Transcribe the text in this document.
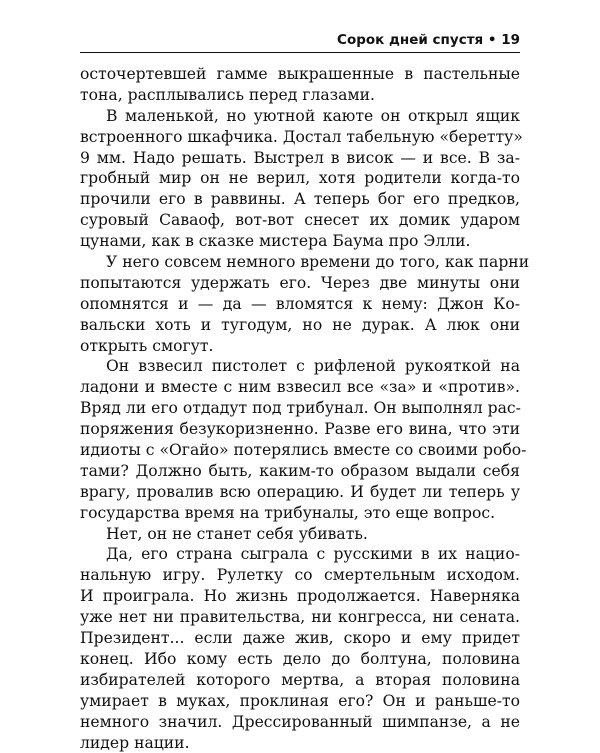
Сорок дней спустя • 19
осточертевшей гамме выкрашенные в пастельные
тона, расплывались перед глазами.
В маленькой, но уютной каюте он открыл ящик
встроенного шкафчика. Достал табельную «беретту»
9 мм. Надо решать. Выстрел в висок — и все. В за-
гробный мир он не верил, хотя родители когда-то
прочили его в раввины. А теперь бог его предков,
суровый Саваоф, вот-вот снесет их домик ударом
цунами, как в сказке мистера Баума про Элли.
У него совсем немного времени до того, как парни
попытаются удержать его. Через две минуты они
опомнятся и — да — вломятся к нему: Джон Ко-
вальски хоть и тугодум, но не дурак. А люк они
открыть смогут.
Он взвесил пистолет с рифленой рукояткой на
ладони и вместе с ним взвесил все «за» и «против».
Вряд ли его отдадут под трибунал. Он выполнял рас-
поряжения безукоризненно. Разве его вина, что эти
идиоты с «Огайо» потерялись вместе со своими робо-
тами? Должно быть, каким-то образом выдали себя
врагу, провалив всю операцию. И будет ли теперь у
государства время на трибуналы, это еще вопрос.
Нет, он не станет себя убивать.
Да, его страна сыграла с русскими в их нацио-
нальную игру. Рулетку со смертельным исходом.
И проиграла. Но жизнь продолжается. Наверняка
уже нет ни правительства, ни конгресса, ни сената.
Президент... если даже жив, скоро и ему придет
конец. Ибо кому есть дело до болтуна, половина
избирателей которого мертва, а вторая половина
умирает в муках, проклиная его? Он и раньше-то
немного значил. Дрессированный шимпанзе, а не
лидер нации.
